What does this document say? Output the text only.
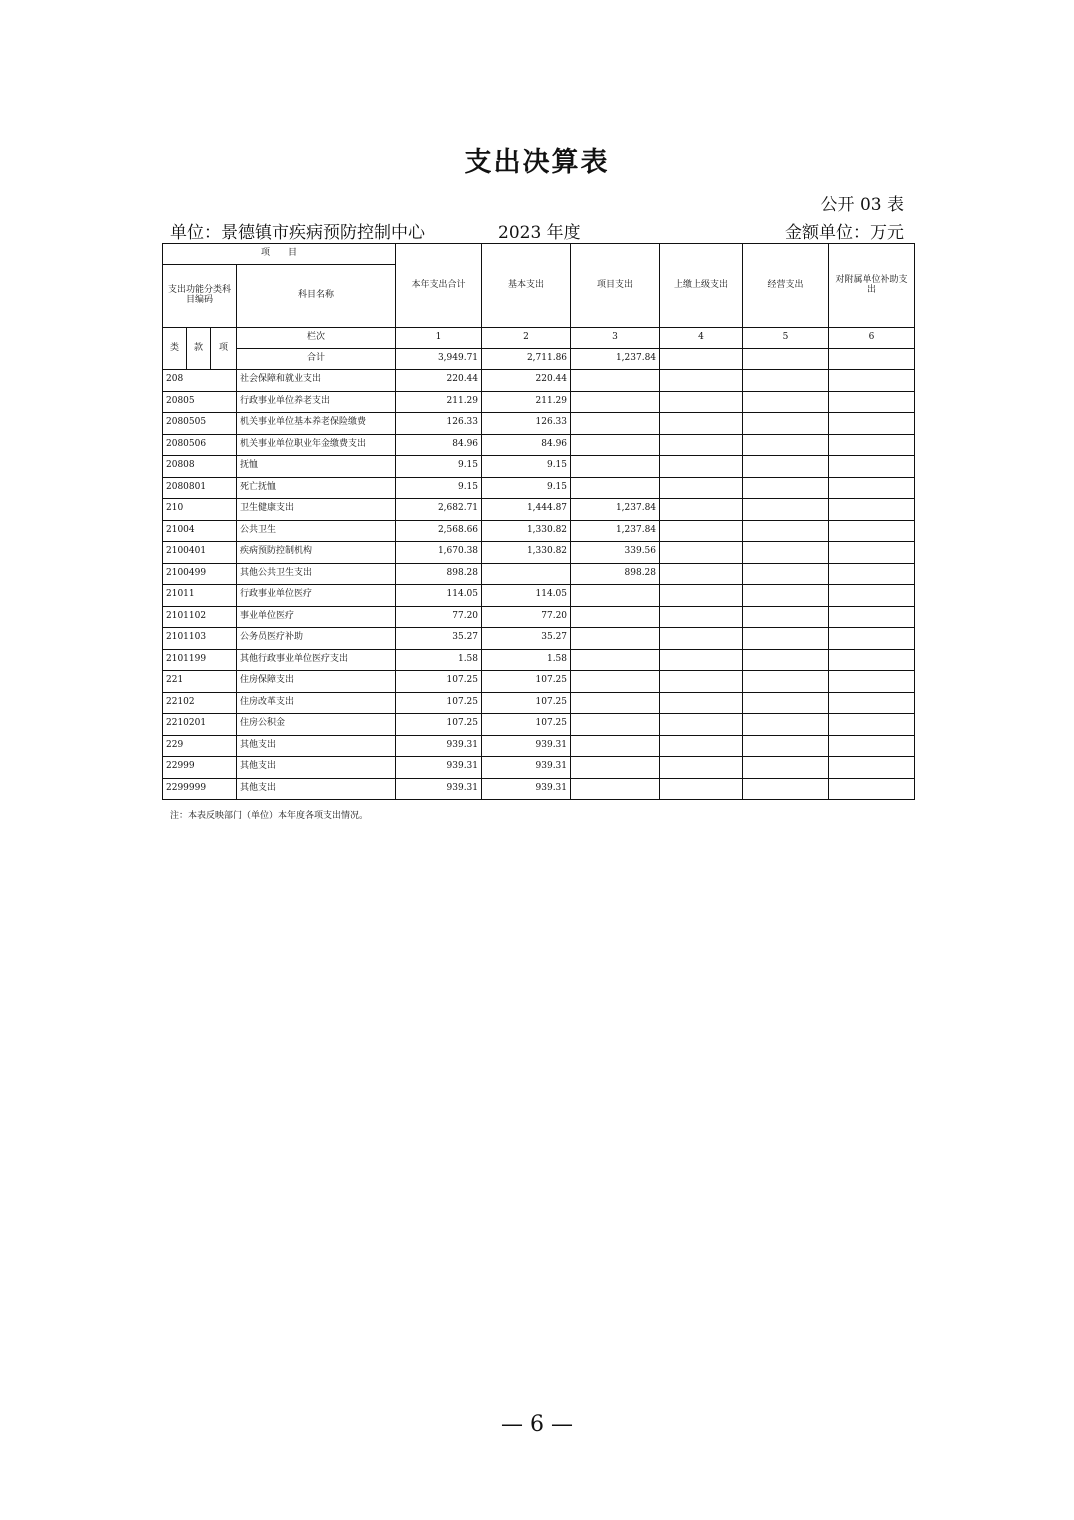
支出决算表
公开 03 表
单位：景德镇市疾病预防控制中心	2023 年度	金额单位：万元
项　　目				本年支出合计	基本支出	项目支出	上缴上级支出	经营支出	对附属单位补助支出
支出功能分类科目编码			科目名称						
类	款	项	栏次	1	2	3	4	5	6
			合计	3,949.71	2,711.86	1,237.84			
208			社会保障和就业支出	220.44	220.44				
20805			行政事业单位养老支出	211.29	211.29				
2080505			机关事业单位基本养老保险缴费	126.33	126.33				
2080506			机关事业单位职业年金缴费支出	84.96	84.96				
20808			抚恤	9.15	9.15				
2080801			死亡抚恤	9.15	9.15				
210			卫生健康支出	2,682.71	1,444.87	1,237.84			
21004			公共卫生	2,568.66	1,330.82	1,237.84			
2100401			疾病预防控制机构	1,670.38	1,330.82	339.56			
2100499			其他公共卫生支出	898.28		898.28			
21011			行政事业单位医疗	114.05	114.05				
2101102			事业单位医疗	77.20	77.20				
2101103			公务员医疗补助	35.27	35.27				
2101199			其他行政事业单位医疗支出	1.58	1.58				
221			住房保障支出	107.25	107.25				
22102			住房改革支出	107.25	107.25				
2210201			住房公积金	107.25	107.25				
229			其他支出	939.31	939.31				
22999			其他支出	939.31	939.31				
2299999			其他支出	939.31	939.31				
注：本表反映部门（单位）本年度各项支出情况。
— 6 —
